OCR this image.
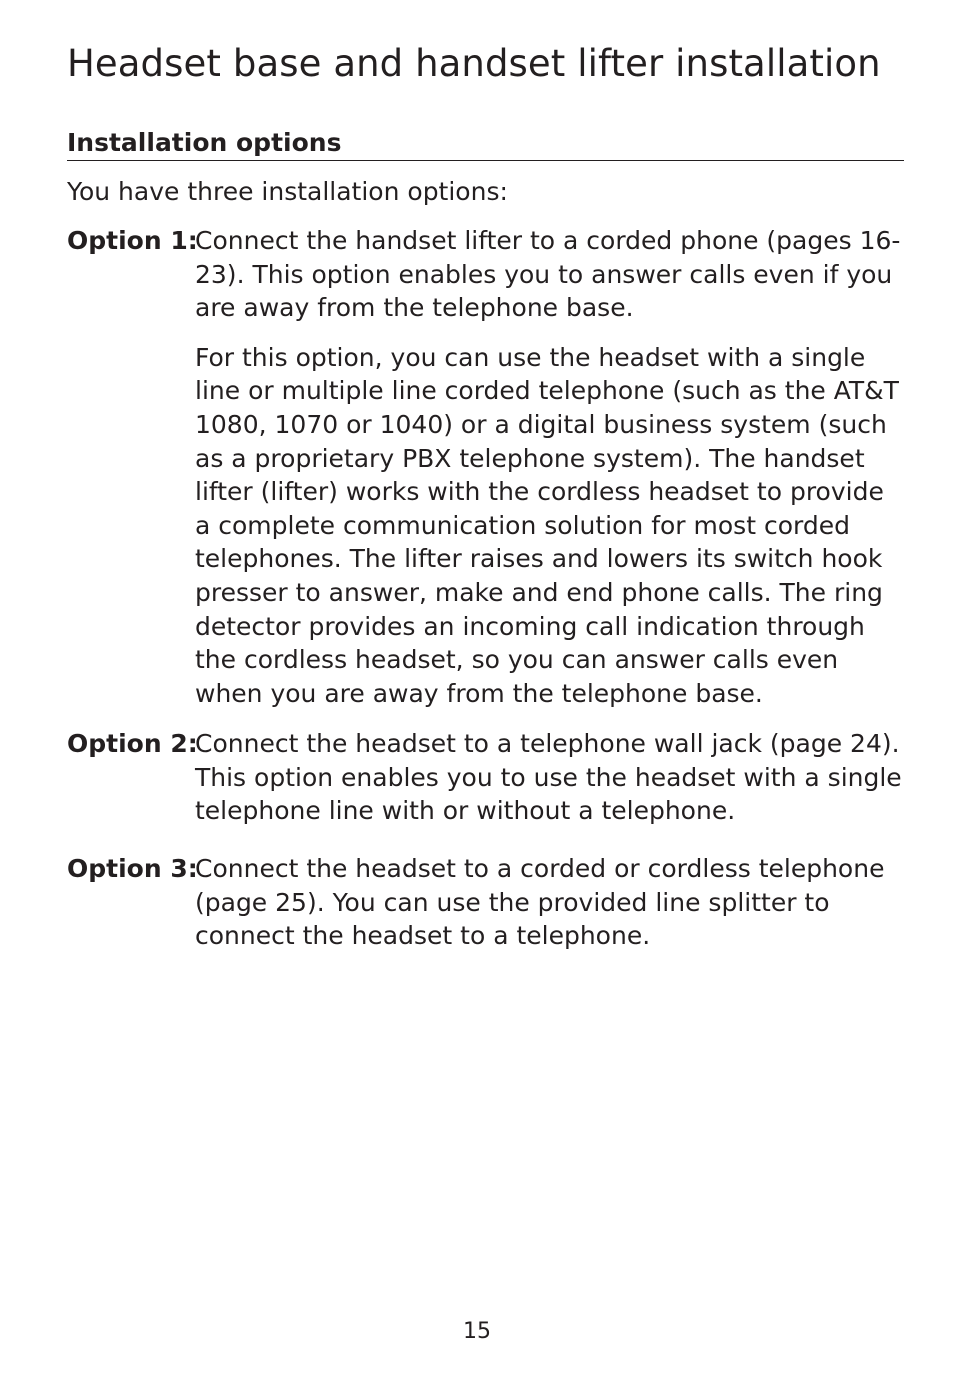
Headset base and handset lifter installation
Installation options

You have three installation options:

Option 1:

Connect the handset lifter to a corded phone (pages 16-
23). This option enables you to answer calls even if you
are away from the telephone base.

For this option, you can use the headset with a single
line or multiple line corded telephone (such as the AT&T
1080, 1070 or 1040) or a digital business system (such
as a proprietary PBX telephone system). The handset
lifter (lifter) works with the cordless headset to provide
a complete communication solution for most corded
telephones. The lifter raises and lowers its switch hook
presser to answer, make and end phone calls. The ring
detector provides an incoming call indication through
the cordless headset, so you can answer calls even
when you are away from the telephone base.

Option 2:

Connect the headset to a telephone wall jack (page 24).
This option enables you to use the headset with a single
telephone line with or without a telephone.

Option 3:

Connect the headset to a corded or cordless telephone
(page 25). You can use the provided line splitter to
connect the headset to a telephone.

15
